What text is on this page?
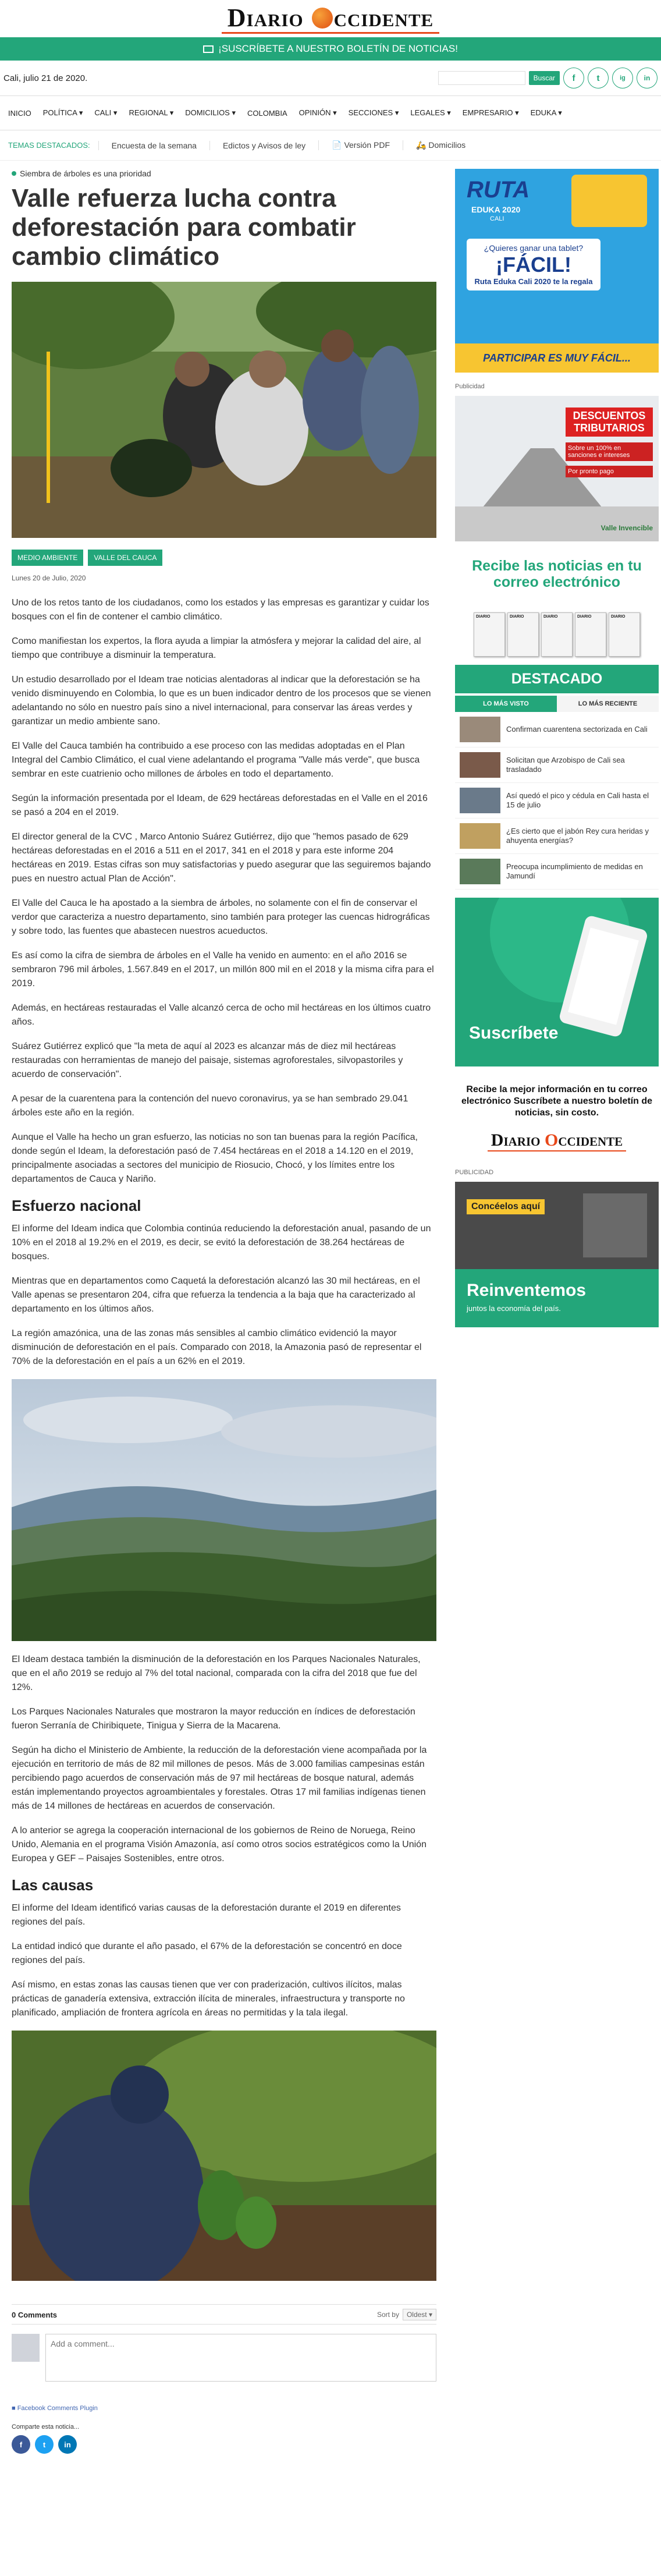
Diario ccidente
¡SUSCRÍBETE A NUESTRO BOLETÍN DE NOTICIAS!
Cali, julio 21 de 2020.	Buscar	f	t	ig	in
INICIO POLÍTICA ▾ CALI ▾ REGIONAL ▾ DOMICILIOS ▾ COLOMBIA OPINIÓN ▾ SECCIONES ▾ LEGALES ▾ EMPRESARIO ▾ EDUKA ▾
TEMAS DESTACADOS:	Encuesta de la semana	Edictos y Avisos de ley	📄 Versión PDF	🛵 Domicilios
Siembra de árboles es una prioridad
Valle refuerza lucha contra deforestación para combatir cambio climático
MEDIO AMBIENTE	VALLE DEL CAUCA
Lunes 20 de Julio, 2020

Uno de los retos tanto de los ciudadanos, como los estados y las empresas es garantizar y cuidar los bosques con el fin de contener el cambio climático.

Como manifiestan los expertos, la flora ayuda a limpiar la atmósfera y mejorar la calidad del aire, al tiempo que contribuye a disminuir la temperatura.

Un estudio desarrollado por el Ideam trae noticias alentadoras al indicar que la deforestación se ha venido disminuyendo en Colombia, lo que es un buen indicador dentro de los procesos que se vienen adelantando no sólo en nuestro país sino a nivel internacional, para conservar las áreas verdes y garantizar un medio ambiente sano.

El Valle del Cauca también ha contribuido a ese proceso con las medidas adoptadas en el Plan Integral del Cambio Climático, el cual viene adelantando el programa "Valle más verde", que busca sembrar en este cuatrienio ocho millones de árboles en todo el departamento.

Según la información presentada por el Ideam, de 629 hectáreas deforestadas en el Valle en el 2016 se pasó a 204 en el 2019.

El director general de la CVC , Marco Antonio Suárez Gutiérrez, dijo que "hemos pasado de 629 hectáreas deforestadas en el 2016 a 511 en el 2017, 341 en el 2018 y para este informe 204 hectáreas en 2019. Estas cifras son muy satisfactorias y puedo asegurar que las seguiremos bajando pues en nuestro actual Plan de Acción".

El Valle del Cauca le ha apostado a la siembra de árboles, no solamente con el fin de conservar el verdor que caracteriza a nuestro departamento, sino también para proteger las cuencas hidrográficas y sobre todo, las fuentes que abastecen nuestros acueductos.

Es así como la cifra de siembra de árboles en el Valle ha venido en aumento: en el año 2016 se sembraron 796 mil árboles, 1.567.849 en el 2017, un millón 800 mil en el 2018 y la misma cifra para el 2019.

Además, en hectáreas restauradas el Valle alcanzó cerca de ocho mil hectáreas en los últimos cuatro años.

Suárez Gutiérrez explicó que "la meta de aquí al 2023 es alcanzar más de diez mil hectáreas restauradas con herramientas de manejo del paisaje, sistemas agroforestales, silvopastoriles y acuerdo de conservación".

A pesar de la cuarentena para la contención del nuevo coronavirus, ya se han sembrado 29.041 árboles este año en la región.

Aunque el Valle ha hecho un gran esfuerzo, las noticias no son tan buenas para la región Pacífica, donde según el Ideam, la deforestación pasó de 7.454 hectáreas en el 2018 a 14.120 en el 2019, principalmente asociadas a sectores del municipio de Riosucio, Chocó, y los límites entre los departamentos de Cauca y Nariño.

Esfuerzo nacional

El informe del Ideam indica que Colombia continúa reduciendo la deforestación anual, pasando de un 10% en el 2018 al 19.2% en el 2019, es decir, se evitó la deforestación de 38.264 hectáreas de bosques.

Mientras que en departamentos como Caquetá la deforestación alcanzó las 30 mil hectáreas, en el Valle apenas se presentaron 204, cifra que refuerza la tendencia a la baja que ha caracterizado al departamento en los últimos años.

La región amazónica, una de las zonas más sensibles al cambio climático evidenció la mayor disminución de deforestación en el país. Comparado con 2018, la Amazonia pasó de representar el 70% de la deforestación en el país a un 62% en el 2019.

El Ideam destaca también la disminución de la deforestación en los Parques Nacionales Naturales, que en el año 2019 se redujo al 7% del total nacional, comparada con la cifra del 2018 que fue del 12%.

Los Parques Nacionales Naturales que mostraron la mayor reducción en índices de deforestación fueron Serranía de Chiribiquete, Tinigua y Sierra de la Macarena.

Según ha dicho el Ministerio de Ambiente, la reducción de la deforestación viene acompañada por la ejecución en territorio de más de 82 mil millones de pesos. Más de 3.000 familias campesinas están percibiendo pago acuerdos de conservación más de 97 mil hectáreas de bosque natural, además están implementando proyectos agroambientales y forestales. Otras 17 mil familias indígenas tienen más de 14 millones de hectáreas en acuerdos de conservación.

A lo anterior se agrega la cooperación internacional de los gobiernos de Reino de Noruega, Reino Unido, Alemania en el programa Visión Amazonía, así como otros socios estratégicos como la Unión Europea y GEF – Paisajes Sostenibles, entre otros.

Las causas

El informe del Ideam identificó varias causas de la deforestación durante el 2019 en diferentes regiones del país.

La entidad indicó que durante el año pasado, el 67% de la deforestación se concentró en doce regiones del país.

Así mismo, en estas zonas las causas tienen que ver con praderización, cultivos ilícitos, malas prácticas de ganadería extensiva, extracción ilícita de minerales, infraestructura y transporte no planificado, ampliación de frontera agrícola en áreas no permitidas y la tala ilegal.

0 Comments	Sort by Oldest ▾
Add a comment...
■ Facebook Comments Plugin
Comparte esta noticia...
f	t	in
RUTA
EDUKA 2020
CALI
¿Quieres ganar una tablet?
¡FÁCIL!
Ruta Eduka Cali 2020 te la regala
PARTICIPAR ES MUY FÁCIL...
Publicidad
DESCUENTOS TRIBUTARIOS
Sobre un 100% en sanciones e intereses
Por pronto pago
Valle Invencible
Recibe las noticias en tu correo electrónico
DIARIO	DIARIO	DIARIO	DIARIO	DIARIO
DESTACADO
LO MÁS VISTO	LO MÁS RECIENTE
Confirman cuarentena sectorizada en Cali
Solicitan que Arzobispo de Cali sea trasladado
Así quedó el pico y cédula en Cali hasta el 15 de julio
¿Es cierto que el jabón Rey cura heridas y ahuyenta energías?
Preocupa incumplimiento de medidas en Jamundí
Suscríbete
Recibe la mejor información en tu correo electrónico Suscríbete a nuestro boletín de noticias, sin costo.
Diario Occidente
PUBLICIDAD
Concéelos aquí
Reinventemos
juntos la economía del país.
